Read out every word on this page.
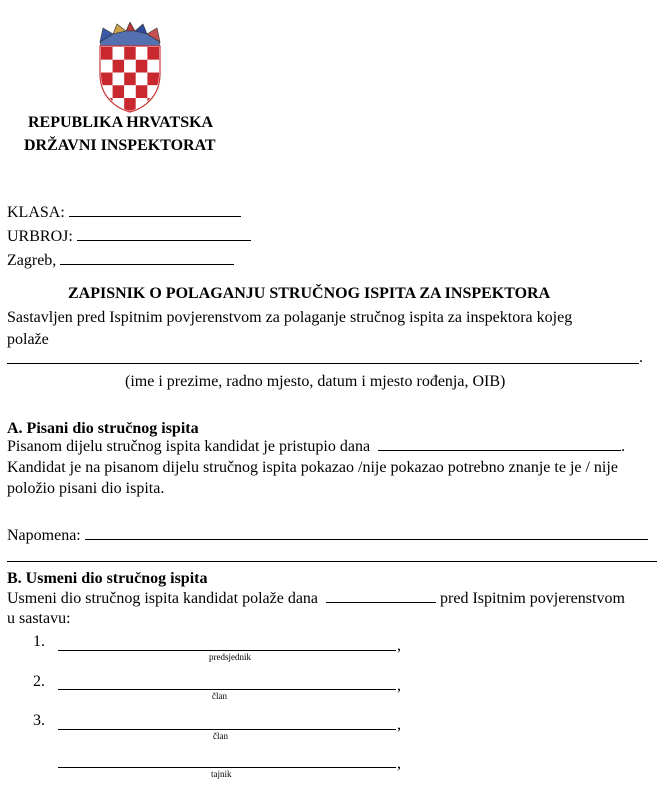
REPUBLIKA HRVATSKA
DRŽAVNI INSPEKTORAT
KLASA:
URBROJ:
Zagreb,
ZAPISNIK O POLAGANJU STRUČNOG ISPITA ZA INSPEKTORA
Sastavljen pred Ispitnim povjerenstvom za polaganje stručnog ispita za inspektora kojeg
polaže
.
(ime i prezime, radno mjesto, datum i mjesto rođenja, OIB)
A. Pisani dio stručnog ispita
Pisanom dijelu stručnog ispita kandidat je pristupio dana	.
Kandidat je na pisanom dijelu stručnog ispita pokazao /nije pokazao potrebno znanje te je / nije
položio pisani dio ispita.
Napomena:
B. Usmeni dio stručnog ispita
Usmeni dio stručnog ispita kandidat polaže dana	pred Ispitnim povjerenstvom
u sastavu:
1.	,
predsjednik
2.	,
član
3.	,
član
,
tajnik
